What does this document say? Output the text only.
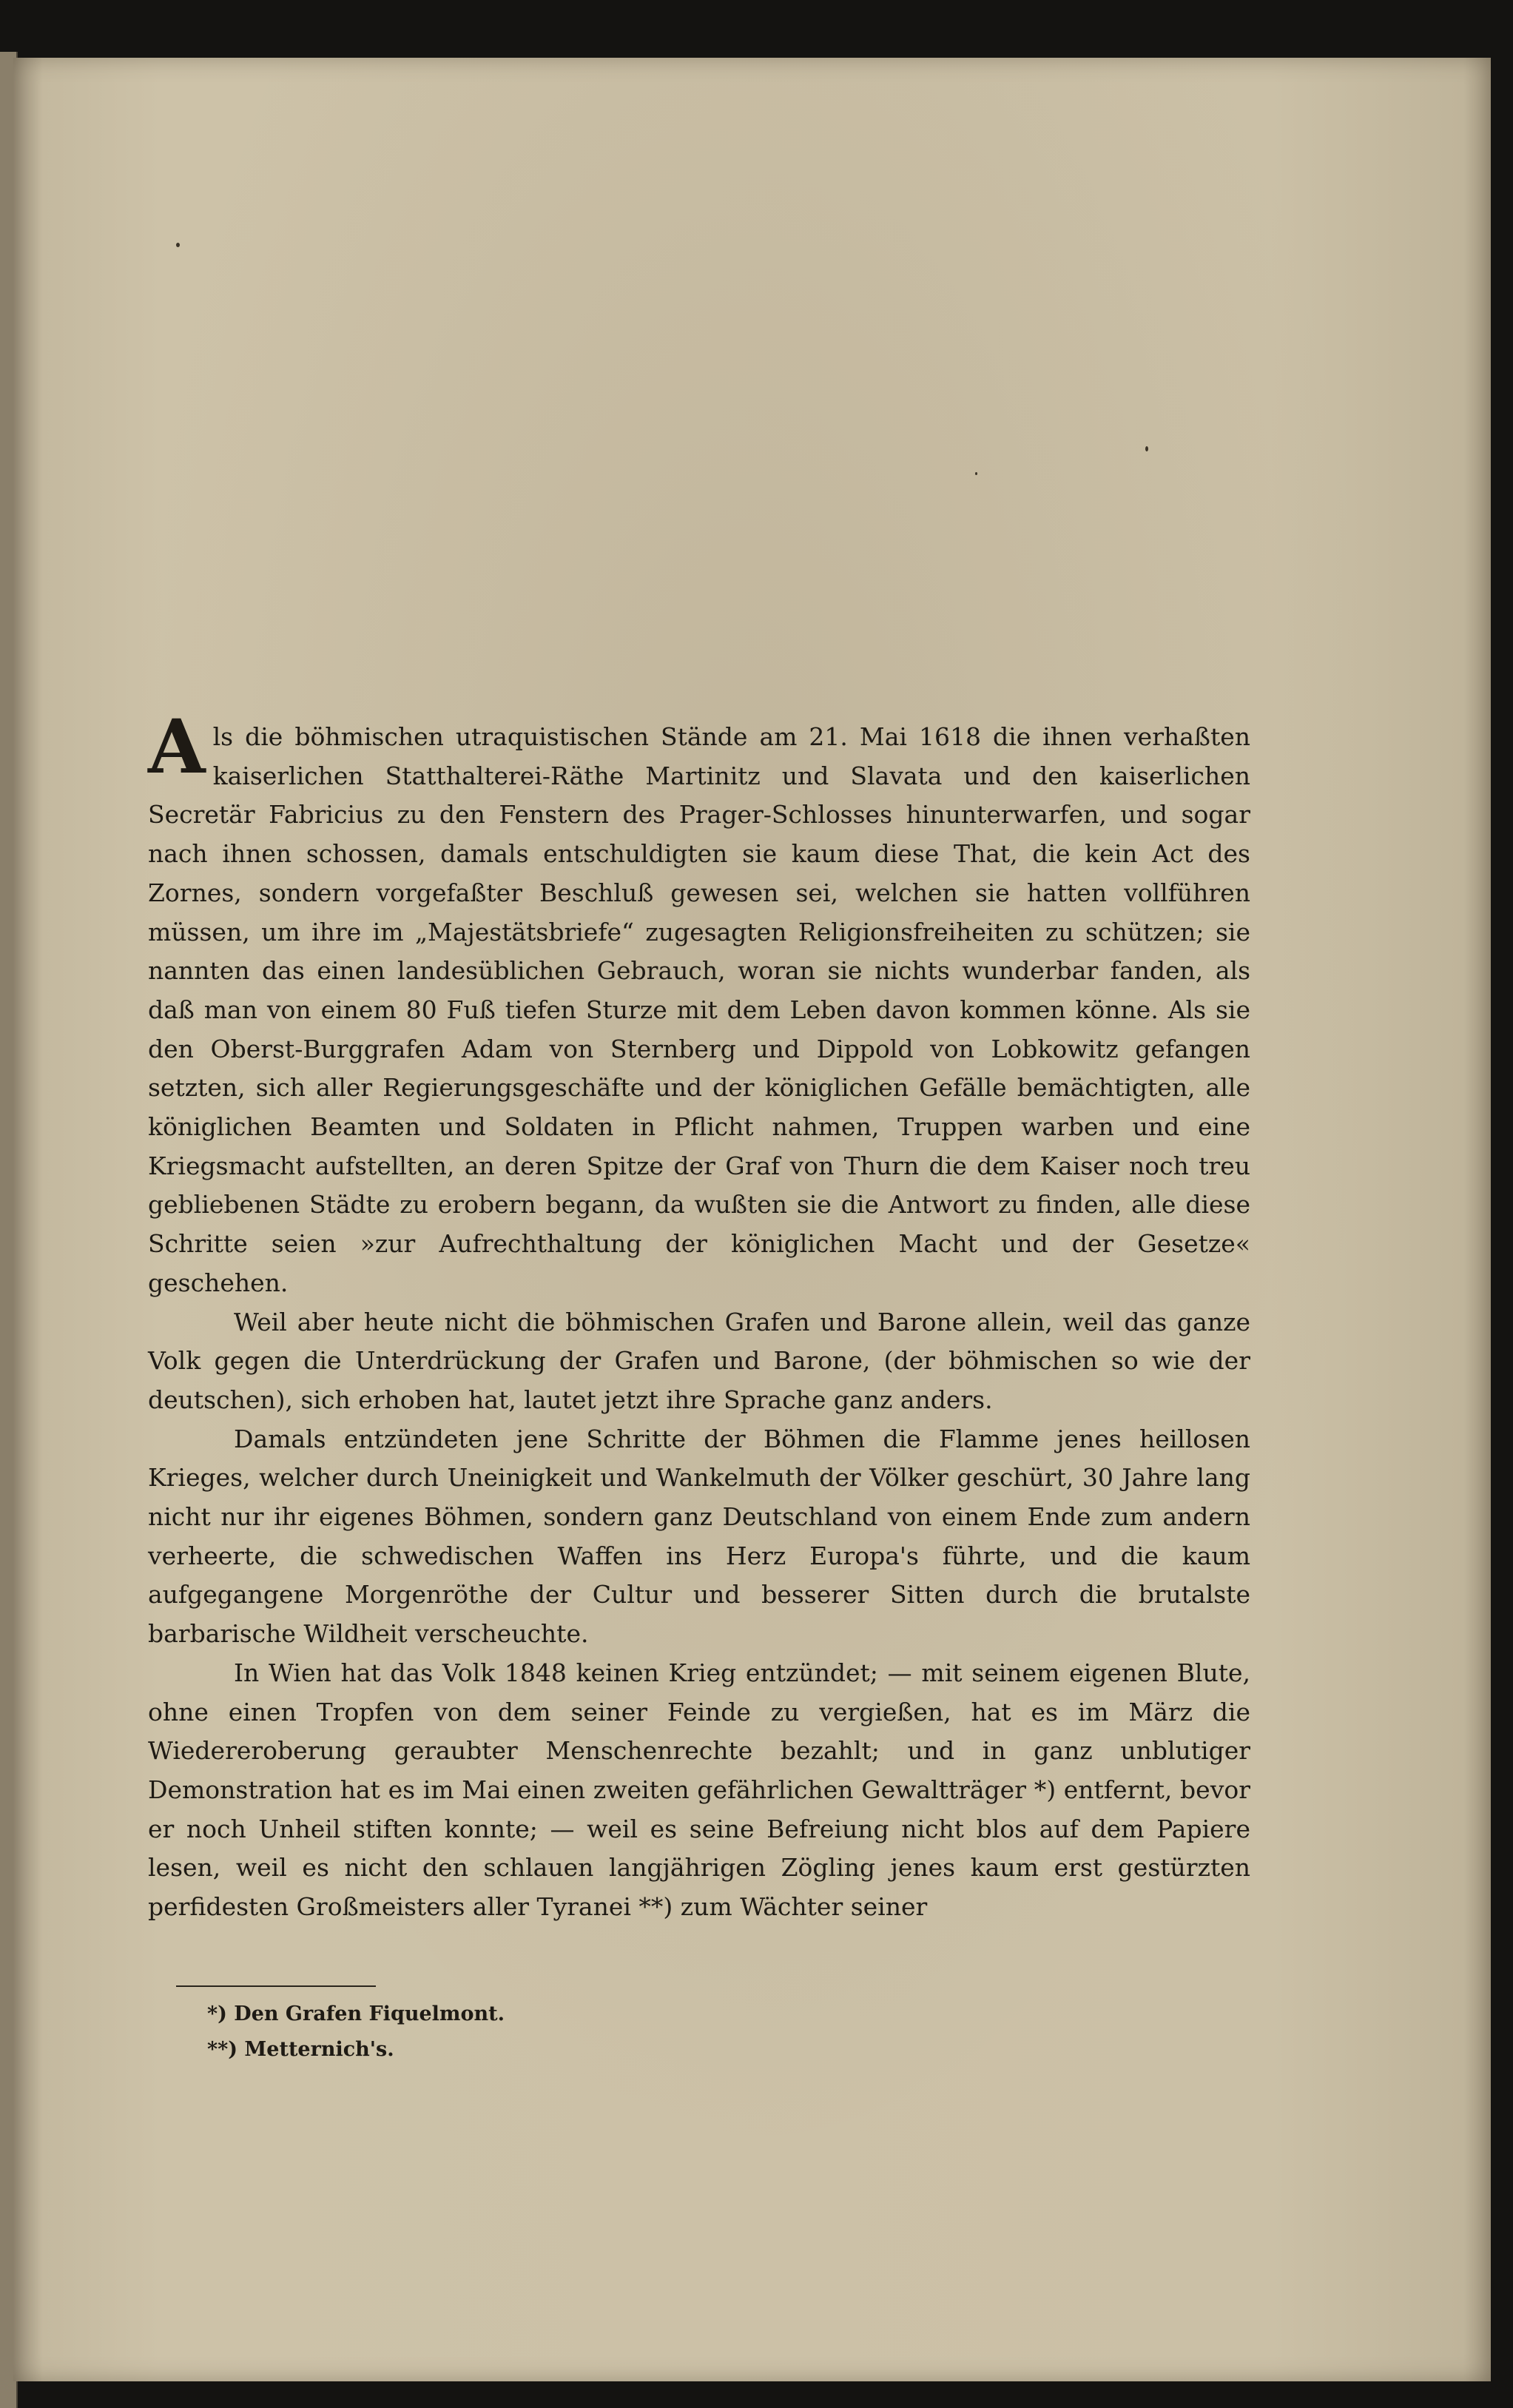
Als die böhmischen utraquistischen Stände am 21. Mai 1618 die ihnen verhaßten kaiserlichen Statthalterei-Räthe Martinitz und Slavata und den kaiserlichen Secretär Fabricius zu den Fenstern des Prager-Schlosses hinunterwarfen, und sogar nach ihnen schossen, damals entschuldigten sie kaum diese That, die kein Act des Zornes, sondern vorgefaßter Beschluß gewesen sei, welchen sie hatten vollführen müssen, um ihre im „Majestätsbriefe“ zugesagten Religionsfreiheiten zu schützen; sie nannten das einen landesüblichen Gebrauch, woran sie nichts wunderbar fanden, als daß man von einem 80 Fuß tiefen Sturze mit dem Leben davon kommen könne. Als sie den Oberst-Burggrafen Adam von Sternberg und Dippold von Lobkowitz gefangen setzten, sich aller Regierungsgeschäfte und der königlichen Gefälle bemächtigten, alle königlichen Beamten und Soldaten in Pflicht nahmen, Truppen warben und eine Kriegsmacht aufstellten, an deren Spitze der Graf von Thurn die dem Kaiser noch treu gebliebenen Städte zu erobern begann, da wußten sie die Antwort zu finden, alle diese Schritte seien »zur Aufrechthaltung der königlichen Macht und der Gesetze« geschehen.

Weil aber heute nicht die böhmischen Grafen und Barone allein, weil das ganze Volk gegen die Unterdrückung der Grafen und Barone, (der böhmischen so wie der deutschen), sich erhoben hat, lautet jetzt ihre Sprache ganz anders.

Damals entzündeten jene Schritte der Böhmen die Flamme jenes heillosen Krieges, welcher durch Uneinigkeit und Wankelmuth der Völker geschürt, 30 Jahre lang nicht nur ihr eigenes Böhmen, sondern ganz Deutschland von einem Ende zum andern verheerte, die schwedischen Waffen ins Herz Europa's führte, und die kaum aufgegangene Morgenröthe der Cultur und besserer Sitten durch die brutalste barbarische Wildheit verscheuchte.

In Wien hat das Volk 1848 keinen Krieg entzündet; — mit seinem eigenen Blute, ohne einen Tropfen von dem seiner Feinde zu vergießen, hat es im März die Wiedereroberung geraubter Menschenrechte bezahlt; und in ganz unblutiger Demonstration hat es im Mai einen zweiten gefährlichen Gewaltträger *) entfernt, bevor er noch Unheil stiften konnte; — weil es seine Befreiung nicht blos auf dem Papiere lesen, weil es nicht den schlauen langjährigen Zögling jenes kaum erst gestürzten perfidesten Großmeisters aller Tyranei **) zum Wächter seiner

*) Den Grafen Fiquelmont.
**) Metternich's.
